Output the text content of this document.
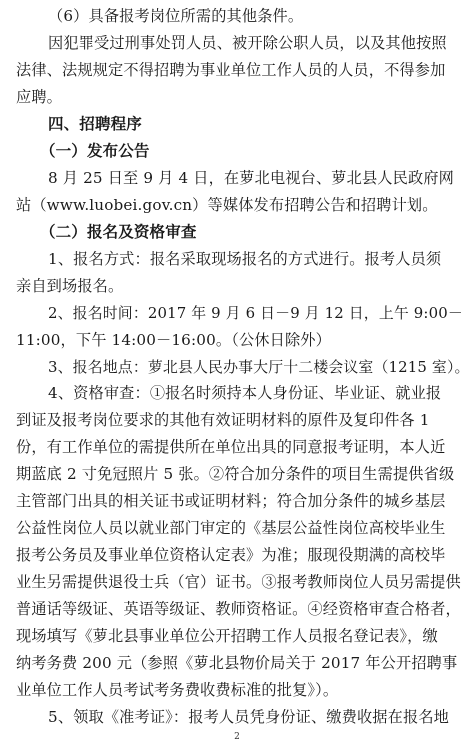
（6）具备报考岗位所需的其他条件。
因犯罪受过刑事处罚人员、被开除公职人员，以及其他按照
法律、法规规定不得招聘为事业单位工作人员的人员，不得参加
应聘。
四、招聘程序
（一）发布公告
8 月 25 日至 9 月 4 日，在萝北电视台、萝北县人民政府网
站（www.luobei.gov.cn）等媒体发布招聘公告和招聘计划。
（二）报名及资格审查
1、报名方式：报名采取现场报名的方式进行。报考人员须
亲自到场报名。
2、报名时间：2017 年 9 月 6 日－9 月 12 日，上午 9:00－
11:00，下午 14:00－16:00。（公休日除外）
3、报名地点：萝北县人民办事大厅十二楼会议室（1215 室）。
4、资格审查：①报名时须持本人身份证、毕业证、就业报
到证及报考岗位要求的其他有效证明材料的原件及复印件各 1
份，有工作单位的需提供所在单位出具的同意报考证明，本人近
期蓝底 2 寸免冠照片 5 张。②符合加分条件的项目生需提供省级
主管部门出具的相关证书或证明材料；符合加分条件的城乡基层
公益性岗位人员以就业部门审定的《基层公益性岗位高校毕业生
报考公务员及事业单位资格认定表》为准；服现役期满的高校毕
业生另需提供退役士兵（官）证书。③报考教师岗位人员另需提供
普通话等级证、英语等级证、教师资格证。④经资格审查合格者，
现场填写《萝北县事业单位公开招聘工作人员报名登记表》，缴
纳考务费 200 元（参照《萝北县物价局关于 2017 年公开招聘事
业单位工作人员考试考务费收费标准的批复》）。
5、领取《准考证》：报考人员凭身份证、缴费收据在报名地
2
